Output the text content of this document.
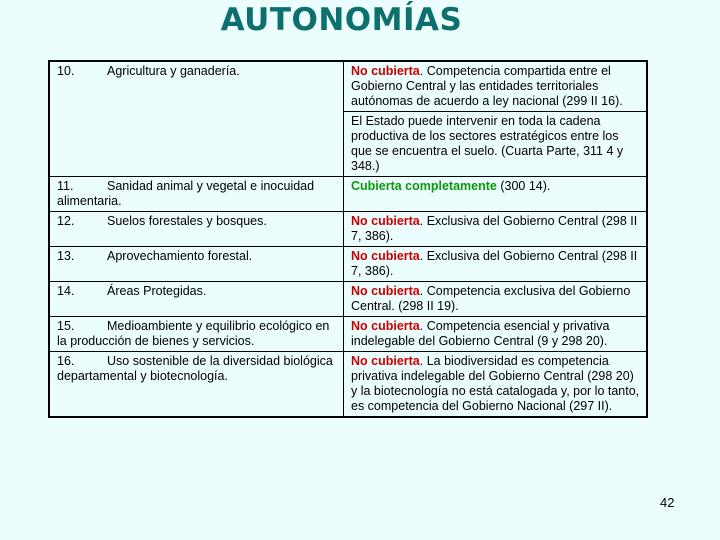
AUTONOMÍAS
10. Agricultura y ganadería.	No cubierta. Competencia compartida entre el Gobierno Central y las entidades territoriales autónomas de acuerdo a ley nacional (299 II 16).
	El Estado puede intervenir en toda la cadena productiva de los sectores estratégicos entre los que se encuentra el suelo. (Cuarta Parte, 311 4 y 348.)
11. Sanidad animal y vegetal e inocuidad alimentaria.	Cubierta completamente (300 14).
12. Suelos forestales y bosques.	No cubierta. Exclusiva del Gobierno Central (298 II 7, 386).
13. Aprovechamiento forestal.	No cubierta. Exclusiva del Gobierno Central (298 II 7, 386).
14. Áreas Protegidas.	No cubierta. Competencia exclusiva del Gobierno Central. (298 II 19).
15. Medioambiente y equilibrio ecológico en la producción de bienes y servicios.	No cubierta. Competencia esencial y privativa indelegable del Gobierno Central (9 y 298 20).
16. Uso sostenible de la diversidad biológica departamental y biotecnología.	No cubierta. La biodiversidad es competencia privativa indelegable del Gobierno Central (298 20) y la biotecnología no está catalogada y, por lo tanto, es competencia del Gobierno Nacional (297 II).
42
